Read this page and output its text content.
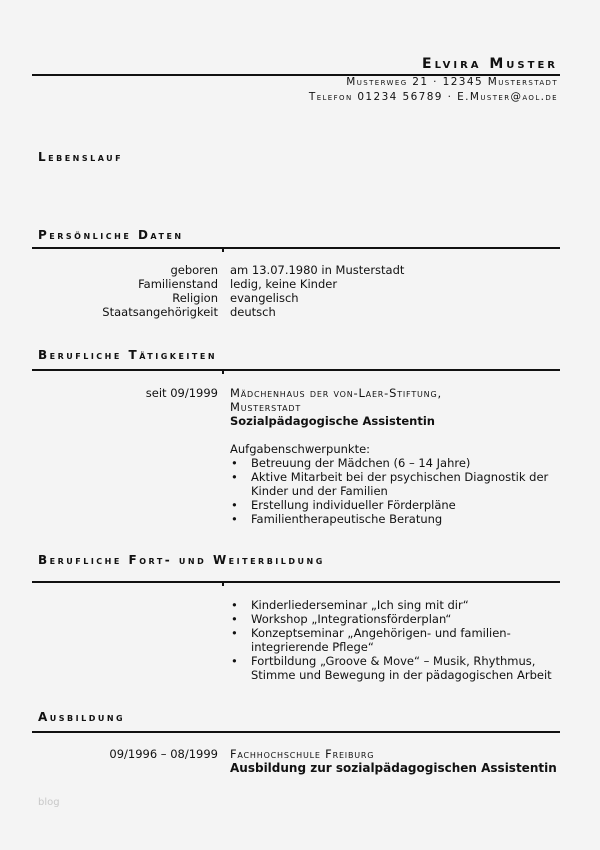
Elvira Muster
Musterweg 21 · 12345 Musterstadt
Telefon 01234 56789 · E.Muster@aol.de
Lebenslauf
Persönliche Daten
geboren am 13.07.1980 in Musterstadt
Familienstand ledig, keine Kinder
Religion evangelisch
Staatsangehörigkeit deutsch
Berufliche Tätigkeiten
seit 09/1999 Mädchenhaus der von-Laer-Stiftung,
Musterstadt
Sozialpädagogische Assistentin
Aufgabenschwerpunkte:
• Betreuung der Mädchen (6 – 14 Jahre)
• Aktive Mitarbeit bei der psychischen Diagnostik der Kinder und der Familien
• Erstellung individueller Förderpläne
• Familientherapeutische Beratung
Berufliche Fort- und Weiterbildung
• Kinderliederseminar „Ich sing mit dir“
• Workshop „Integrationsförderplan“
• Konzeptseminar „Angehörigen- und familien-integrierende Pflege“
• Fortbildung „Groove & Move“ – Musik, Rhythmus, Stimme und Bewegung in der pädagogischen Arbeit
Ausbildung
09/1996 – 08/1999 Fachhochschule Freiburg
Ausbildung zur sozialpädagogischen Assistentin
blog
